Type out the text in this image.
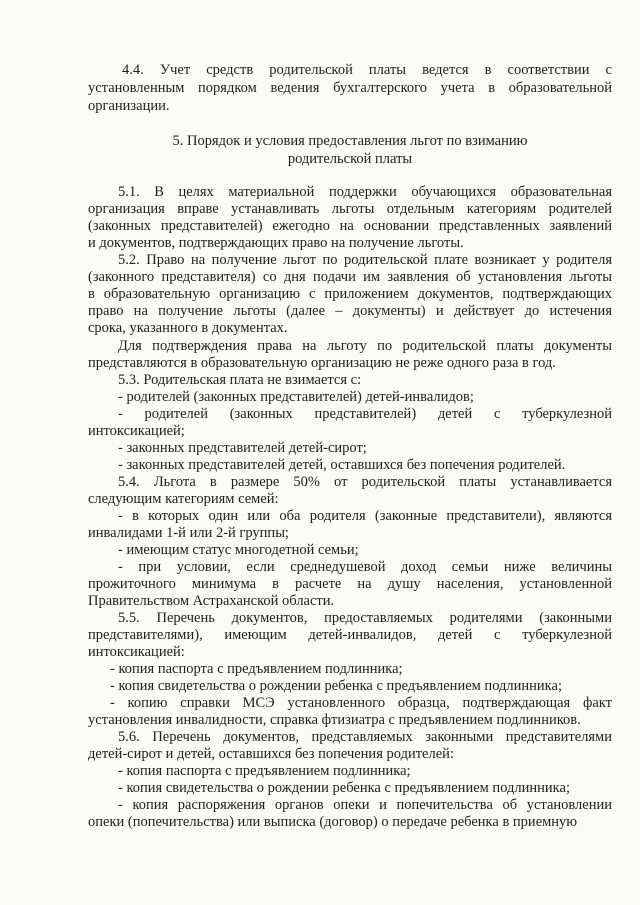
4.4. Учет средств родительской платы ведется в соответствии с
установленным порядком ведения бухгалтерского учета в образовательной
организации.
5. Порядок и условия предоставления льгот по взиманию
родительской платы
5.1. В целях материальной поддержки обучающихся образовательная
организация вправе устанавливать льготы отдельным категориям родителей
(законных представителей) ежегодно на основании представленных заявлений
и документов, подтверждающих право на получение льготы.
5.2. Право на получение льгот по родительской плате возникает у родителя
(законного представителя) со дня подачи им заявления об установления льготы
в образовательную организацию с приложением документов, подтверждающих
право на получение льготы (далее – документы) и действует до истечения
срока, указанного в документах.
Для подтверждения права на льготу по родительской платы документы
представляются в образовательную организацию не реже одного раза в год.
5.3. Родительская плата не взимается с:
- родителей (законных представителей) детей-инвалидов;
- родителей (законных представителей) детей с туберкулезной
интоксикацией;
- законных представителей детей-сирот;
- законных представителей детей, оставшихся без попечения родителей.
5.4. Льгота в размере 50% от родительской платы устанавливается
следующим категориям семей:
- в которых один или оба родителя (законные представители), являются
инвалидами 1-й или 2-й группы;
- имеющим статус многодетной семьи;
- при условии, если среднедушевой доход семьи ниже величины
прожиточного минимума в расчете на душу населения, установленной
Правительством Астраханской области.
5.5. Перечень документов, предоставляемых родителями (законными
представителями), имеющим детей-инвалидов, детей с туберкулезной
интоксикацией:
- копия паспорта с предъявлением подлинника;
- копия свидетельства о рождении ребенка с предъявлением подлинника;
- копию справки МСЭ установленного образца, подтверждающая факт
установления инвалидности, справка фтизиатра с предъявлением подлинников.
5.6. Перечень документов, представляемых законными представителями
детей-сирот и детей, оставшихся без попечения родителей:
- копия паспорта с предъявлением подлинника;
- копия свидетельства о рождении ребенка с предъявлением подлинника;
- копия распоряжения органов опеки и попечительства об установлении
опеки (попечительства) или выписка (договор) о передаче ребенка в приемную
